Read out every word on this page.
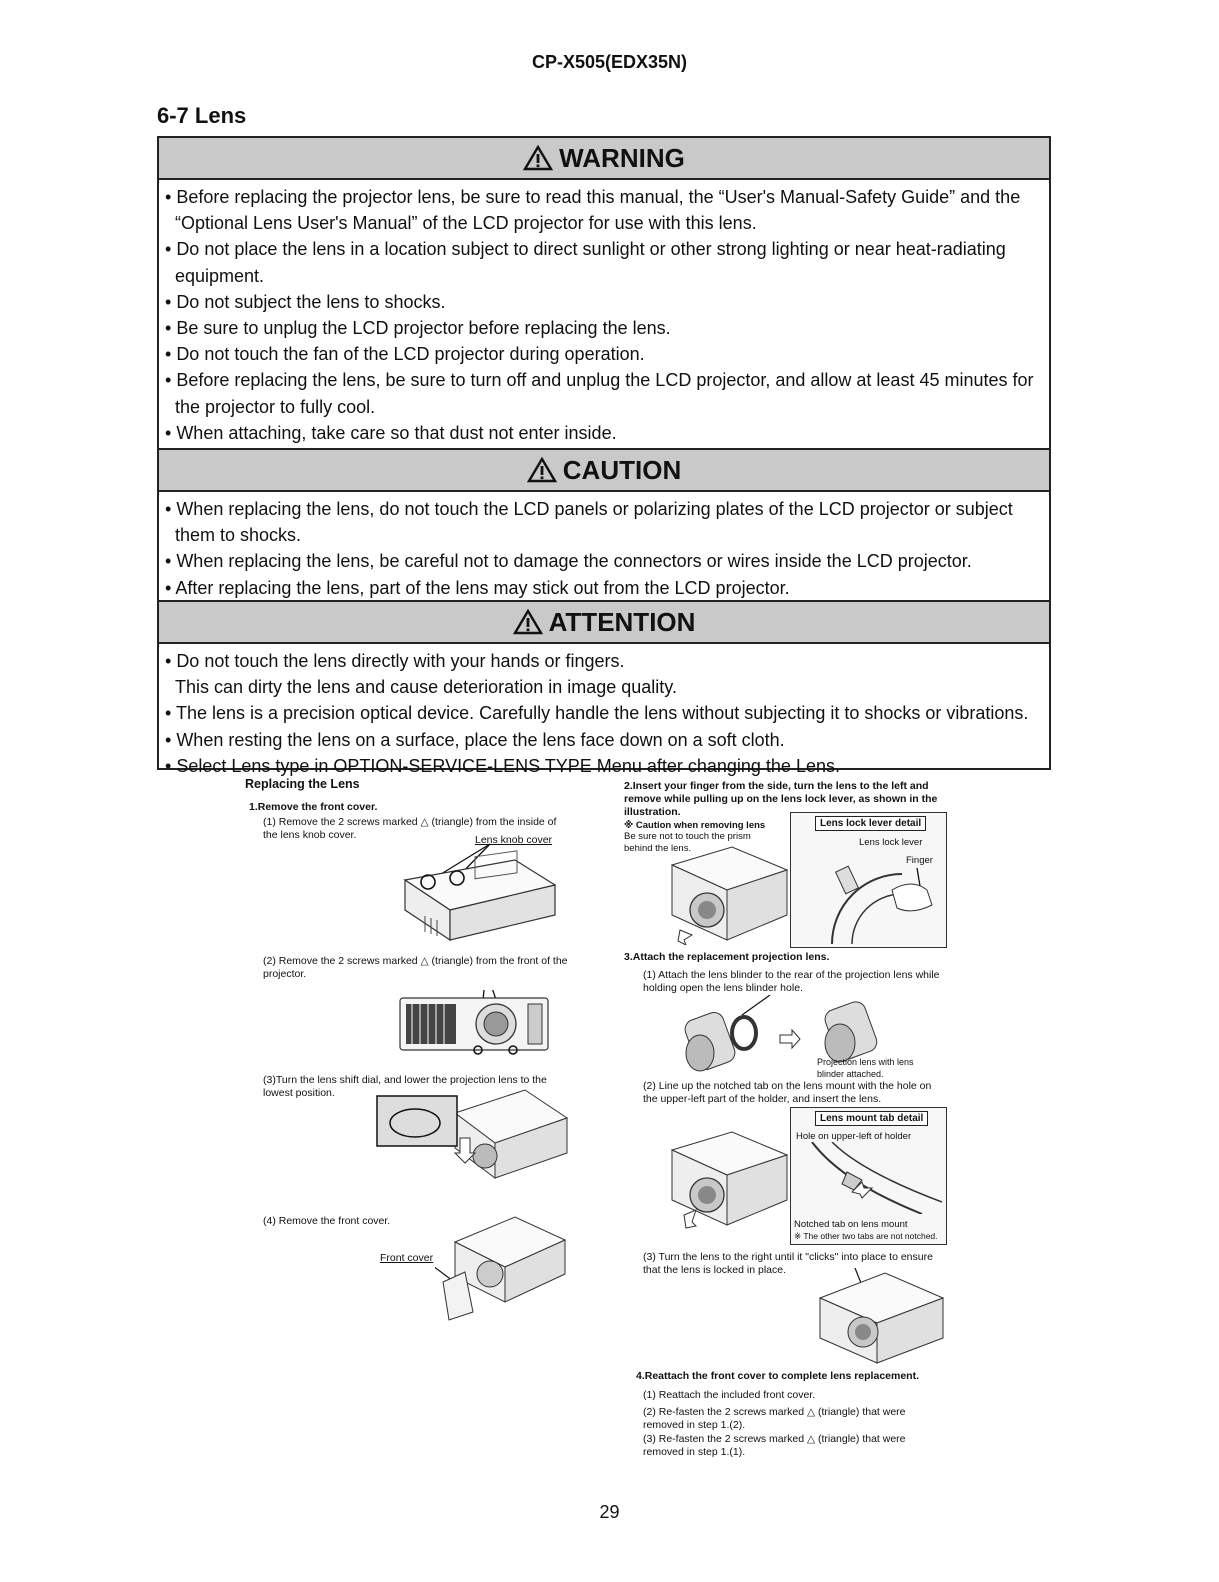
CP-X505(EDX35N)
6-7 Lens
WARNING
• Before replacing the projector lens, be sure to read this manual, the “User's Manual-Safety Guide” and the “Optional Lens User's Manual” of the LCD projector for use with this lens.
• Do not place the lens in a location subject to direct sunlight or other strong lighting or near heat-radiating equipment.
• Do not subject the lens to shocks.
• Be sure to unplug the LCD projector before replacing the lens.
• Do not touch the fan of the LCD projector during operation.
• Before replacing the lens, be sure to turn off and unplug the LCD projector, and allow at least 45 minutes for the projector to fully cool.
• When attaching, take care so that dust not enter inside.
CAUTION
• When replacing the lens, do not touch the LCD panels or polarizing plates of the LCD projector or subject them to shocks.
• When replacing the lens, be careful not to damage the connectors or wires inside the LCD projector.
• After replacing the lens, part of the lens may stick out from the LCD projector.
ATTENTION
• Do not touch the lens directly with your hands or fingers.
This can dirty the lens and cause deterioration in image quality.
• The lens is a precision optical device. Carefully handle the lens without subjecting it to shocks or vibrations.
• When resting the lens on a surface, place the lens face down on a soft cloth.
• Select Lens type in OPTION-SERVICE-LENS TYPE Menu after changing the Lens.
Replacing the Lens
1.Remove the front cover.
(1) Remove the 2 screws marked △ (triangle) from the inside of the lens knob cover.	Lens knob cover
(2) Remove the 2 screws marked △ (triangle) from the front of the projector.
(3)Turn the lens shift dial, and lower the projection lens to the lowest position.
(4) Remove the front cover.
Front cover
2.Insert your finger from the side, turn the lens to the left and remove while pulling up on the lens lock lever, as shown in the illustration.
※ Caution when removing lens
Be sure not to touch the prism behind the lens.
Lens lock lever detail
Lens lock lever
Finger
3.Attach the replacement projection lens.
(1) Attach the lens blinder to the rear of the projection lens while holding open the lens blinder hole.
Projection lens with lens blinder attached.
(2) Line up the notched tab on the lens mount with the hole on the upper-left part of the holder, and insert the lens.
Lens mount tab detail
Hole on upper-left of holder
Notched tab on lens mount
※ The other two tabs are not notched.
(3) Turn the lens to the right until it "clicks" into place to ensure that the lens is locked in place.
4.Reattach the front cover to complete lens replacement.
(1) Reattach the included front cover.
(2) Re-fasten the 2 screws marked △ (triangle) that were removed in step 1.(2).
(3) Re-fasten the 2 screws marked △ (triangle) that were removed in step 1.(1).
29
